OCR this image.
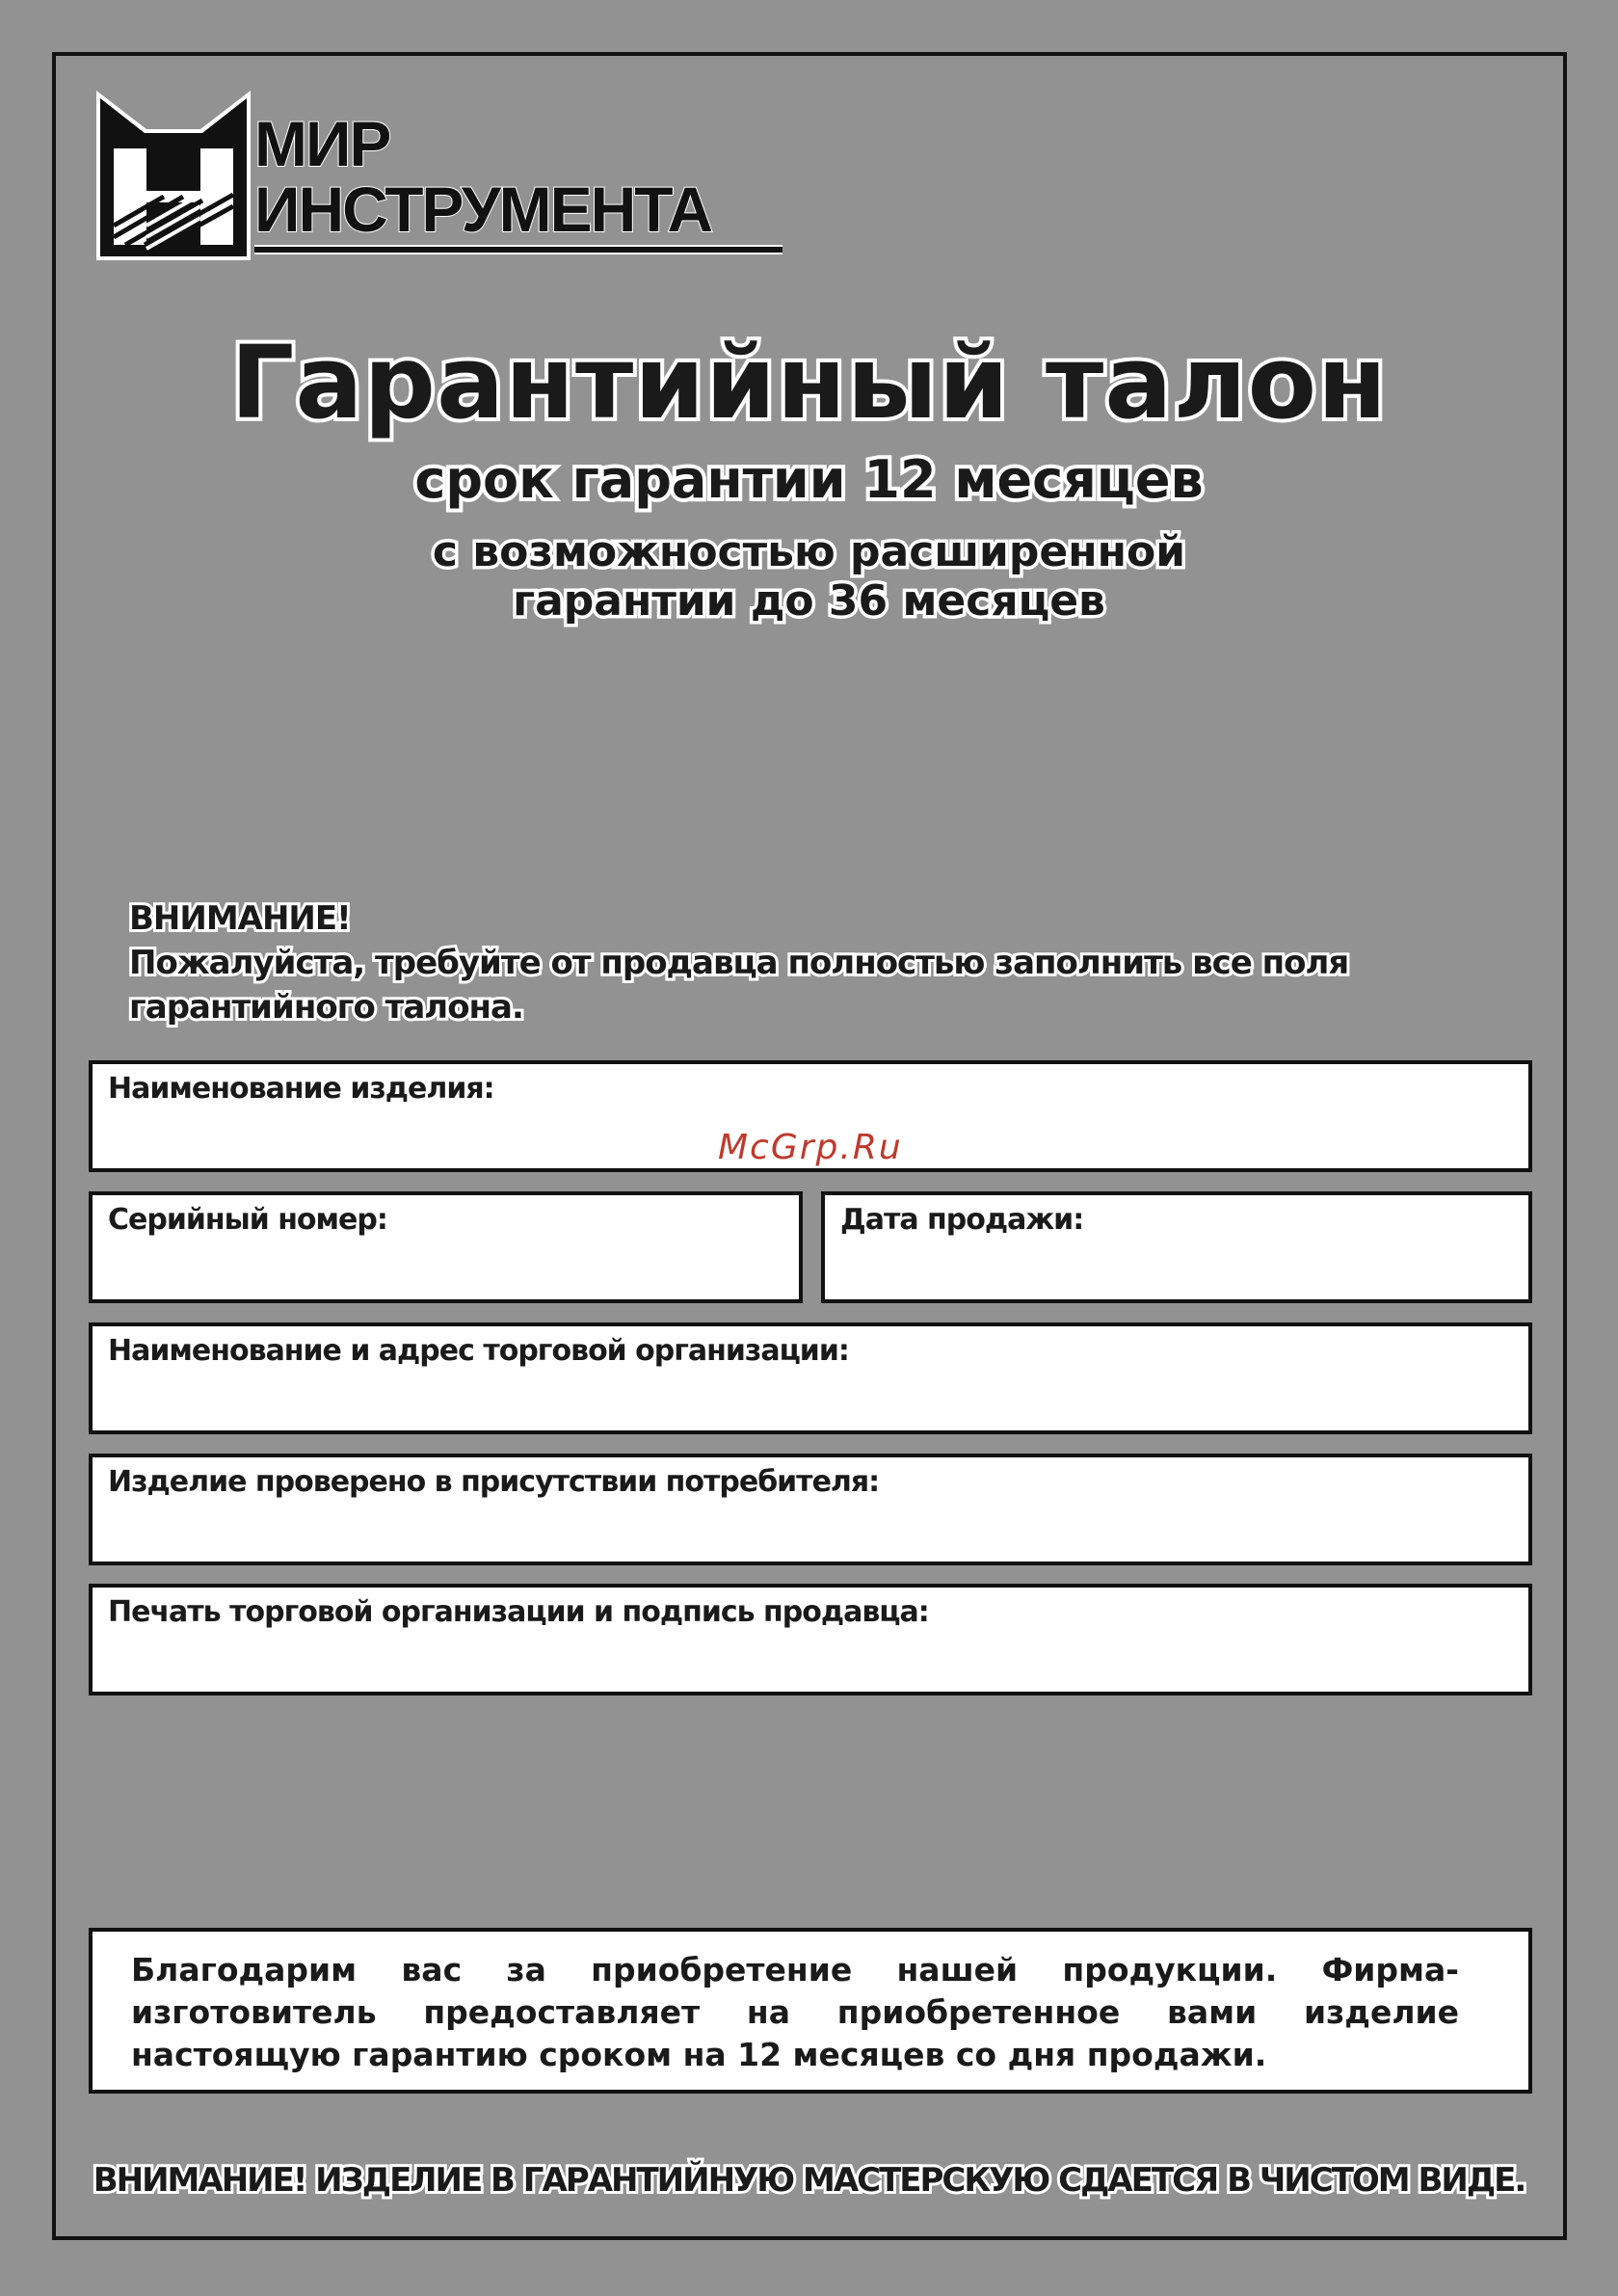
МИР
ИНСТРУМЕНТА
Гарантийный талон
срок гарантии 12 месяцев
с возможностью расширенной
гарантии до 36 месяцев
ВНИМАНИЕ!
Пожалуйста, требуйте от продавца полностью заполнить все поля
гарантийного талона.
Наименование изделия:
McGrp.Ru
Серийный номер:	Дата продажи:
Наименование и адрес торговой организации:
Изделие проверено в присутствии потребителя:
Печать торговой организации и подпись продавца:
Благодарим вас за приобретение нашей продукции. Фирма-изготовитель предоставляет на приобретенное вами изделие настоящую гарантию сроком на 12 месяцев со дня продажи.
ВНИМАНИЕ! ИЗДЕЛИЕ В ГАРАНТИЙНУЮ МАСТЕРСКУЮ СДАЕТСЯ В ЧИСТОМ ВИДЕ.
